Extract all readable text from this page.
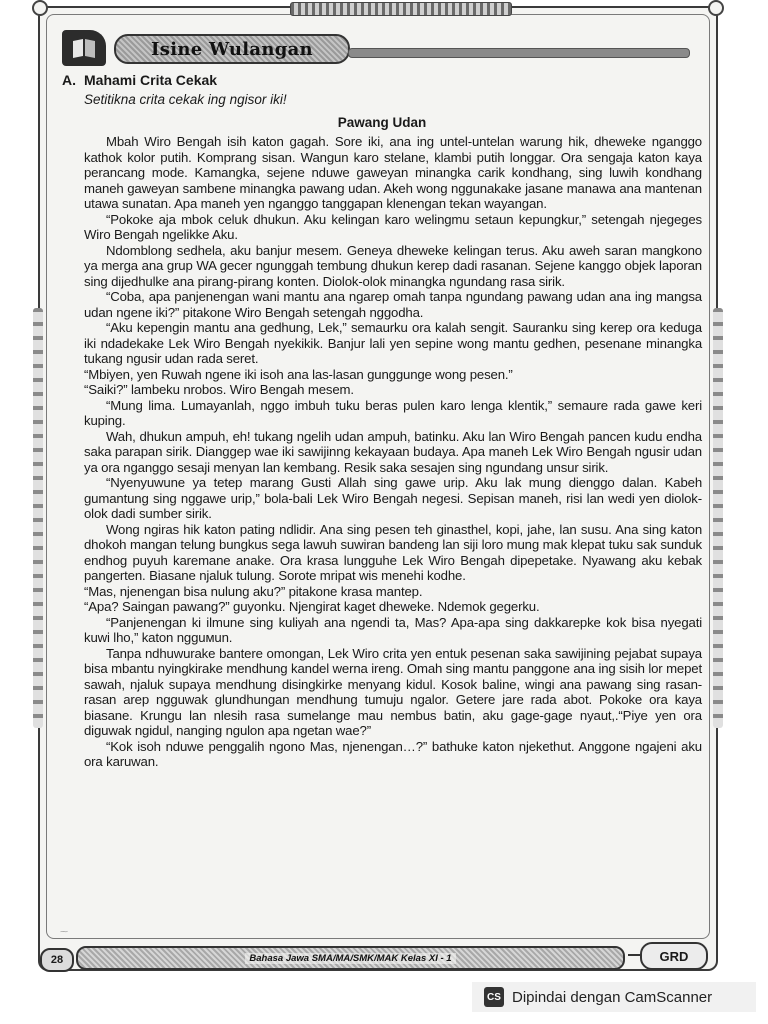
Isine Wulangan
A. Mahami Crita Cekak
Setitikna crita cekak ing ngisor iki!
Pawang Udan

Mbah Wiro Bengah isih katon gagah. Sore iki, ana ing untel-untelan warung hik, dheweke nganggo kathok kolor putih. Komprang sisan. Wangun karo stelane, klambi putih longgar. Ora sengaja katon kaya perancang mode. Kamangka, sejene nduwe gaweyan minangka carik kondhang, sing luwih kondhang maneh gaweyan sambene minangka pawang udan. Akeh wong nggunakake jasane manawa ana mantenan utawa sunatan. Apa maneh yen nganggo tanggapan klenengan tekan wayangan.

“Pokoke aja mbok celuk dhukun. Aku kelingan karo welingmu setaun kepungkur,” setengah njegeges Wiro Bengah ngelikke Aku.

Ndomblong sedhela, aku banjur mesem. Geneya dheweke kelingan terus. Aku aweh saran mangkono ya merga ana grup WA gecer ngunggah tembung dhukun kerep dadi rasanan. Sejene kanggo objek laporan sing dijedhulke ana pirang-pirang konten. Diolok-olok minangka ngundang rasa sirik.

“Coba, apa panjenengan wani mantu ana ngarep omah tanpa ngundang pawang udan ana ing mangsa udan ngene iki?” pitakone Wiro Bengah setengah nggodha.

“Aku kepengin mantu ana gedhung, Lek,” semaurku ora kalah sengit. Sauranku sing kerep ora keduga iki ndadekake Lek Wiro Bengah nyekikik. Banjur lali yen sepine wong mantu gedhen, pesenane minangka tukang ngusir udan rada seret.

“Mbiyen, yen Ruwah ngene iki isoh ana las-lasan gunggunge wong pesen.”

“Saiki?” lambeku nrobos. Wiro Bengah mesem.

“Mung lima. Lumayanlah, nggo imbuh tuku beras pulen karo lenga klentik,” semaure rada gawe keri kuping.

Wah, dhukun ampuh, eh! tukang ngelih udan ampuh, batinku. Aku lan Wiro Bengah pancen kudu endha saka parapan sirik. Dianggep wae iki sawijinng kekayaan budaya. Apa maneh Lek Wiro Bengah ngusir udan ya ora nganggo sesaji menyan lan kembang. Resik saka sesajen sing ngundang unsur sirik.

“Nyenyuwune ya tetep marang Gusti Allah sing gawe urip. Aku lak mung dienggo dalan. Kabeh gumantung sing nggawe urip,” bola-bali Lek Wiro Bengah negesi. Sepisan maneh, risi lan wedi yen diolok-olok dadi sumber sirik.

Wong ngiras hik katon pating ndlidir. Ana sing pesen teh ginasthel, kopi, jahe, lan susu. Ana sing katon dhokoh mangan telung bungkus sega lawuh suwiran bandeng lan siji loro mung mak klepat tuku sak sunduk endhog puyuh karemane anake. Ora krasa lungguhe Lek Wiro Bengah dipepetake. Nyawang aku kebak pangerten. Biasane njaluk tulung. Sorote mripat wis menehi kodhe.

“Mas, njenengan bisa nulung aku?” pitakone krasa mantep.

“Apa? Saingan pawang?” guyonku. Njengirat kaget dheweke. Ndemok gegerku.

“Panjenengan ki ilmune sing kuliyah ana ngendi ta, Mas? Apa-apa sing dakkarepke kok bisa nyegati kuwi lho,” katon ngguмun.

Tanpa ndhuwurake bantere omongan, Lek Wiro crita yen entuk pesenan saka sawijining pejabat supaya bisa mbantu nyingkirake mendhung kandel werna ireng. Omah sing mantu panggone ana ing sisih lor mepet sawah, njaluk supaya mendhung disingkirke menyang kidul. Kosok baline, wingi ana pawang sing rasan-rasan arep ngguwak glundhungan mendhung tumuju ngalor. Getere jare rada abot. Pokoke ora kaya biasane. Krungu lan nlesih rasa sumelange mau nembus batin, aku gage-gage nyaut,.“Piye yen ora diguwak ngidul, nanging ngulon apa ngetan wae?”

“Kok isoh nduwe penggalih ngono Mas, njenengan…?” bathuke katon njekethut. Anggone ngajeni aku ora karuwan.

⁓
28	Bahasa Jawa SMA/MA/SMK/MAK Kelas XI - 1	GRD
CS Dipindai dengan CamScanner
